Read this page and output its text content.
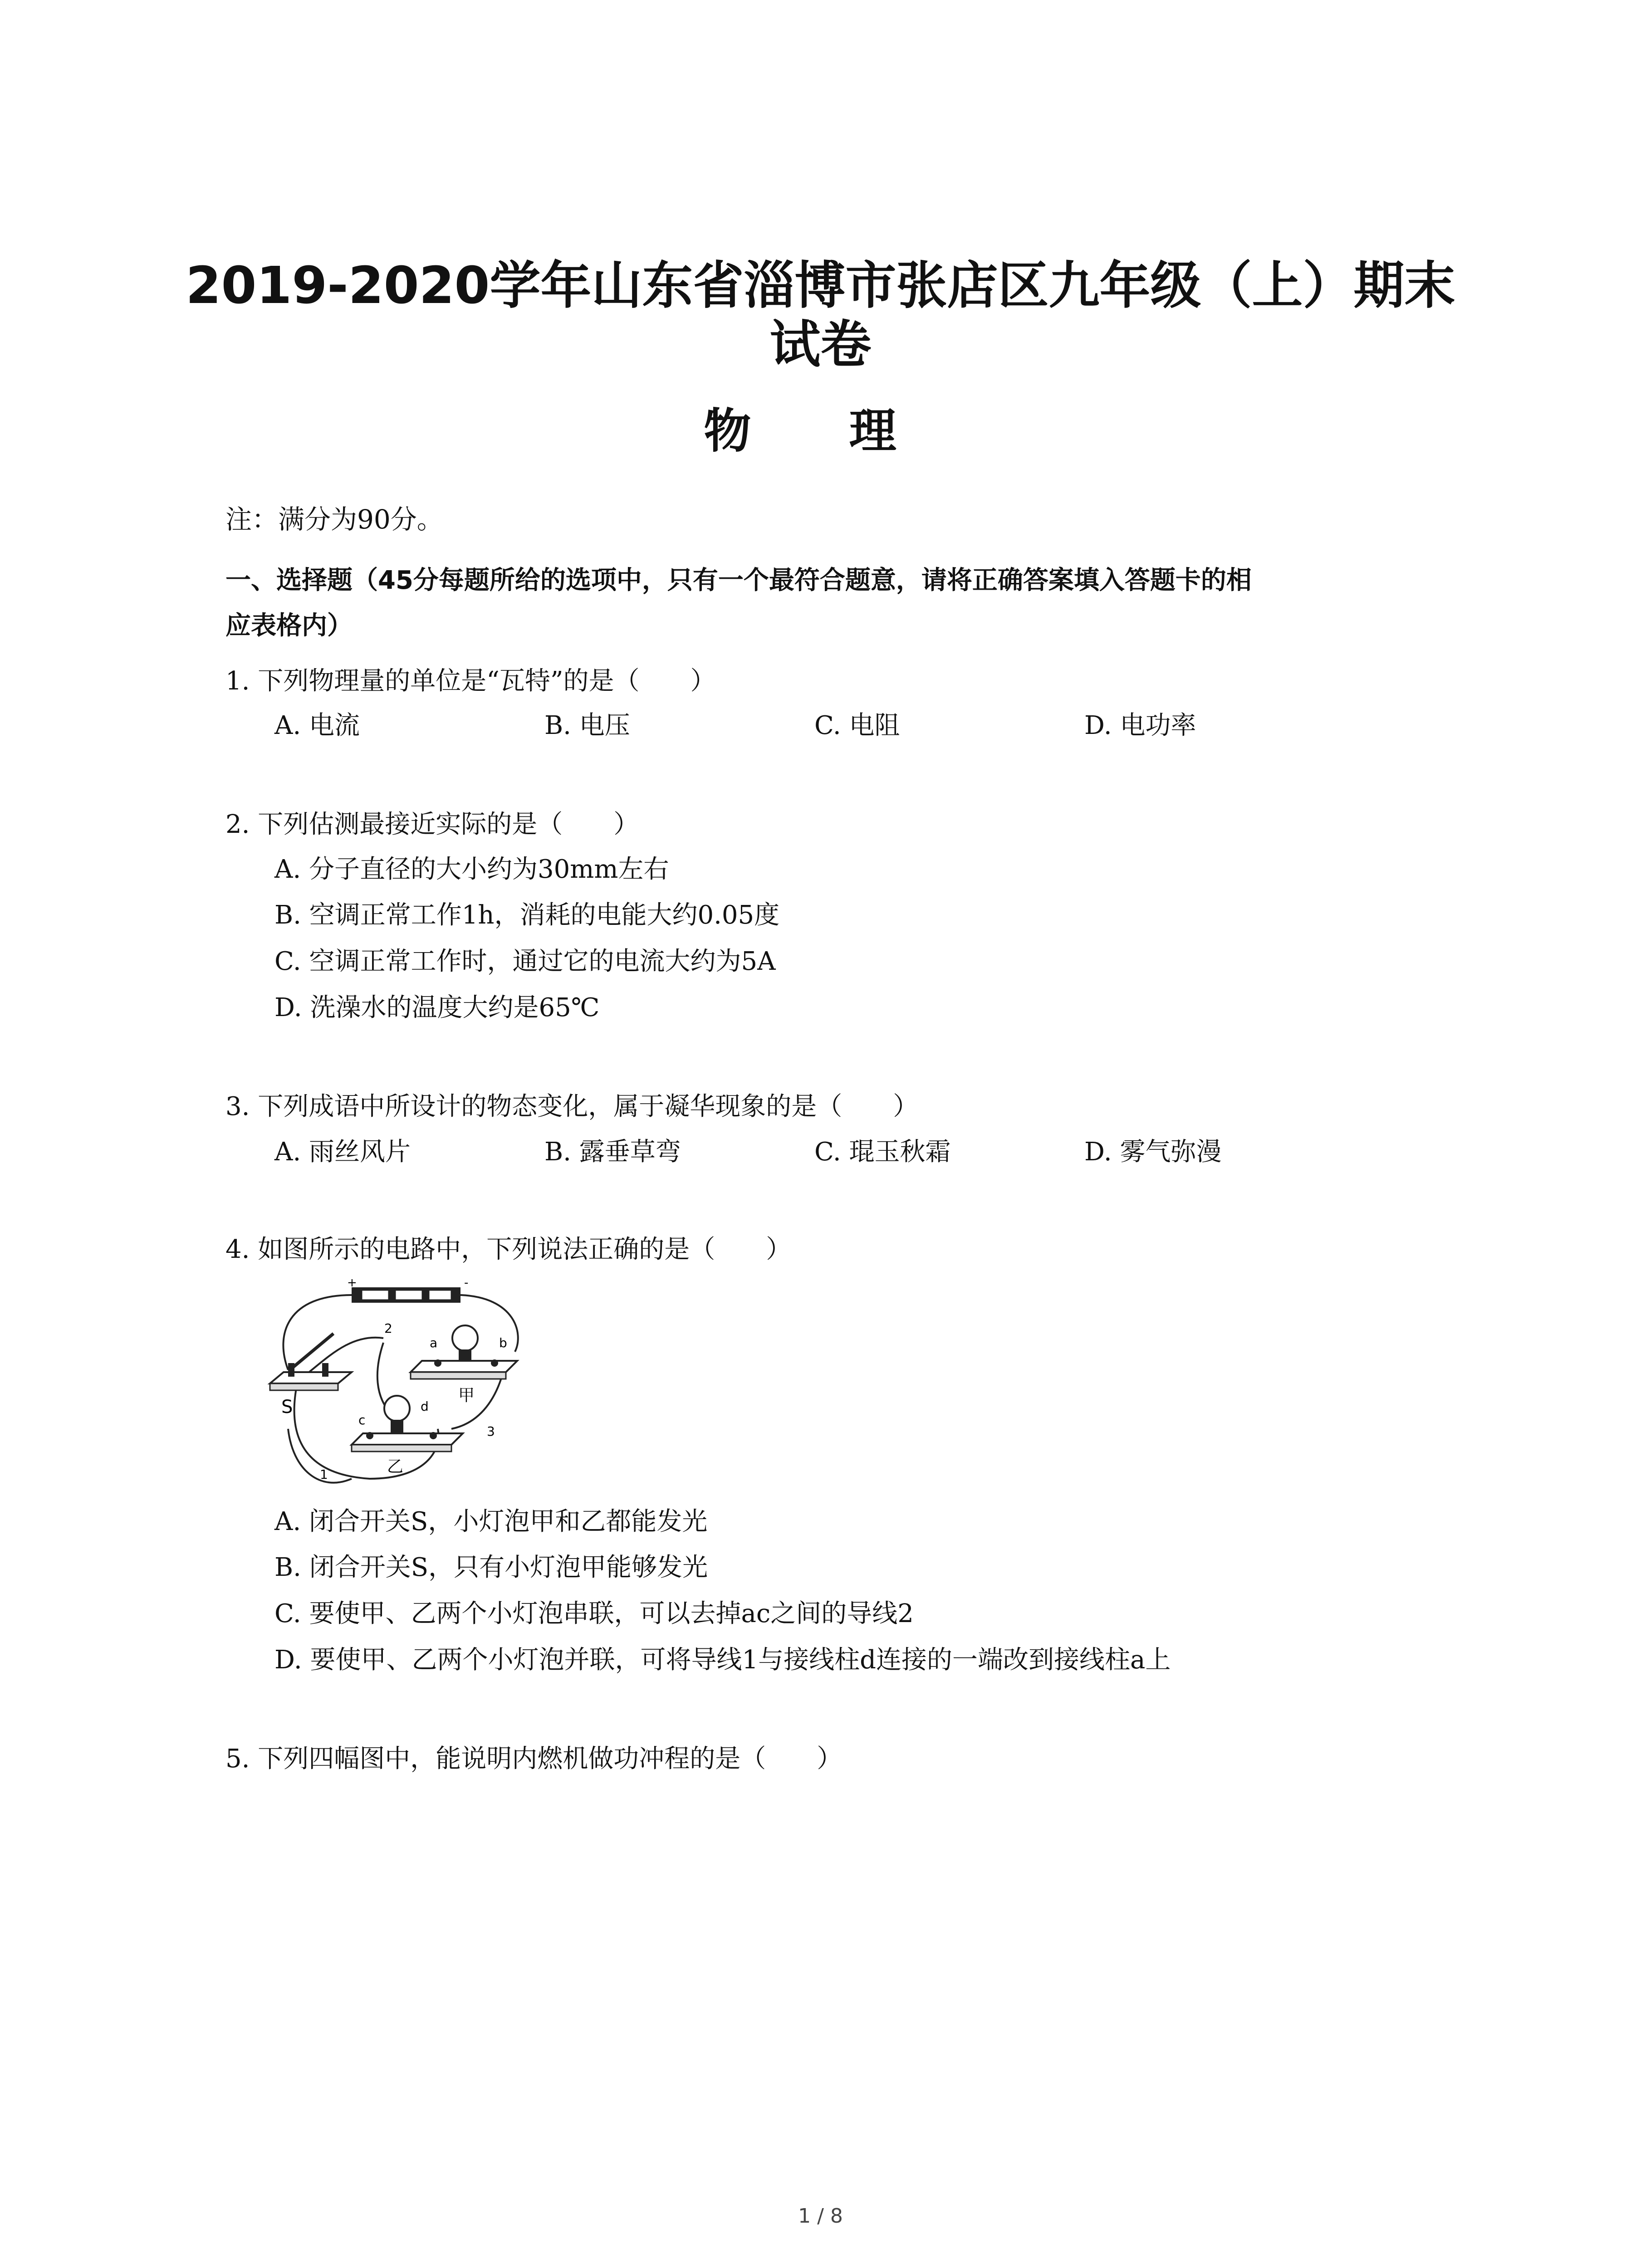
2019-2020学年山东省淄博市张店区九年级（上）期末
试卷
物 理

注：满分为90分。

一、选择题（45分每题所给的选项中，只有一个最符合题意，请将正确答案填入答题卡的相

应表格内）

1. 下列物理量的单位是“瓦特”的是（　　）

A. 电流	B. 电压	C. 电阻	D. 电功率

2. 下列估测最接近实际的是（　　）

A. 分子直径的大小约为30mm左右

B. 空调正常工作1h，消耗的电能大约0.05度

C. 空调正常工作时，通过它的电流大约为5A

D. 洗澡水的温度大约是65℃

3. 下列成语中所设计的物态变化，属于凝华现象的是（　　）

A. 雨丝风片	B. 露垂草弯	C. 琨玉秋霜	D. 雾气弥漫

4. 如图所示的电路中，下列说法正确的是（　　）

+	-
S
a	b
甲
c
d
乙
2
1
3

A. 闭合开关S，小灯泡甲和乙都能发光

B. 闭合开关S，只有小灯泡甲能够发光

C. 要使甲、乙两个小灯泡串联，可以去掉ac之间的导线2

D. 要使甲、乙两个小灯泡并联，可将导线1与接线柱d连接的一端改到接线柱a上

5. 下列四幅图中，能说明内燃机做功冲程的是（　　）

1 / 8
